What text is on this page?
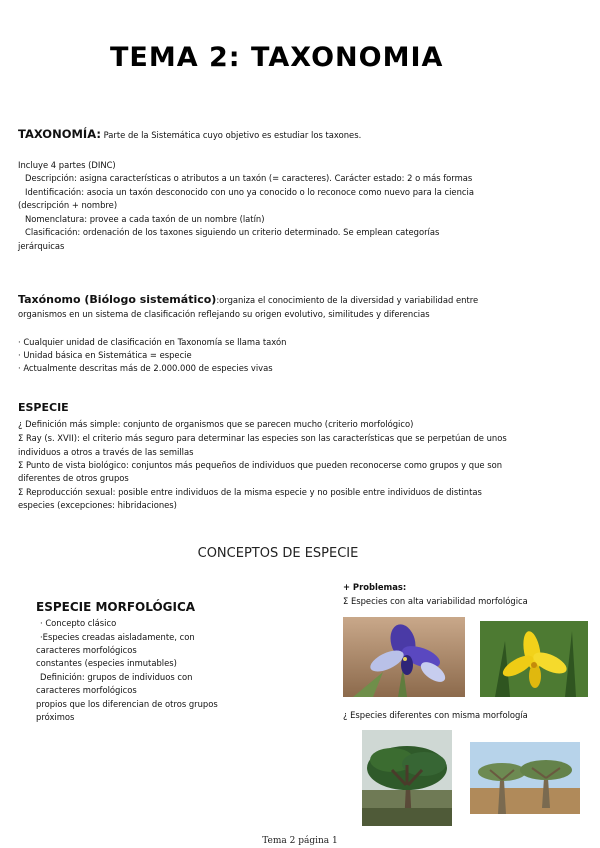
TEMA 2: TAXONOMIA
TAXONOMÍA: Parte de la Sistemática cuyo objetivo es estudiar los taxones.
Incluye 4 partes (DINC)
Descripción: asigna características o atributos a un taxón (= caracteres). Carácter estado: 2 o más formas
Identificación: asocia un taxón desconocido con uno ya conocido o lo reconoce como nuevo para la ciencia
(descripción + nombre)
Nomenclatura: provee a cada taxón de un nombre (latín)
Clasificación: ordenación de los taxones siguiendo un criterio determinado. Se emplean categorías
jerárquicas
Taxónomo (Biólogo sistemático):organiza el conocimiento de la diversidad y variabilidad entre
organismos en un sistema de clasificación reflejando su origen evolutivo, similitudes y diferencias
· Cualquier unidad de clasificación en Taxonomía se llama taxón
· Unidad básica en Sistemática = especie
· Actualmente descritas más de 2.000.000 de especies vivas
ESPECIE
¿ Definición más simple: conjunto de organismos que se parecen mucho (criterio morfológico)
Σ Ray (s. XVII): el criterio más seguro para determinar las especies son las características que se perpetúan de unos
individuos a otros a través de las semillas
Σ Punto de vista biológico: conjuntos más pequeños de individuos que pueden reconocerse como grupos y que son
diferentes de otros grupos
Σ Reproducción sexual: posible entre individuos de la misma especie y no posible entre individuos de distintas
especies (excepciones: hibridaciones)
CONCEPTOS DE ESPECIE
ESPECIE MORFOLÓGICA
· Concepto clásico
·Especies creadas aisladamente, con
caracteres morfológicos
constantes (especies inmutables)
Definición: grupos de individuos con
caracteres morfológicos
propios que los diferencian de otros grupos
próximos
+ Problemas:
Σ Especies con alta variabilidad morfológica
¿ Especies diferentes con misma morfología
Tema 2 página 1
